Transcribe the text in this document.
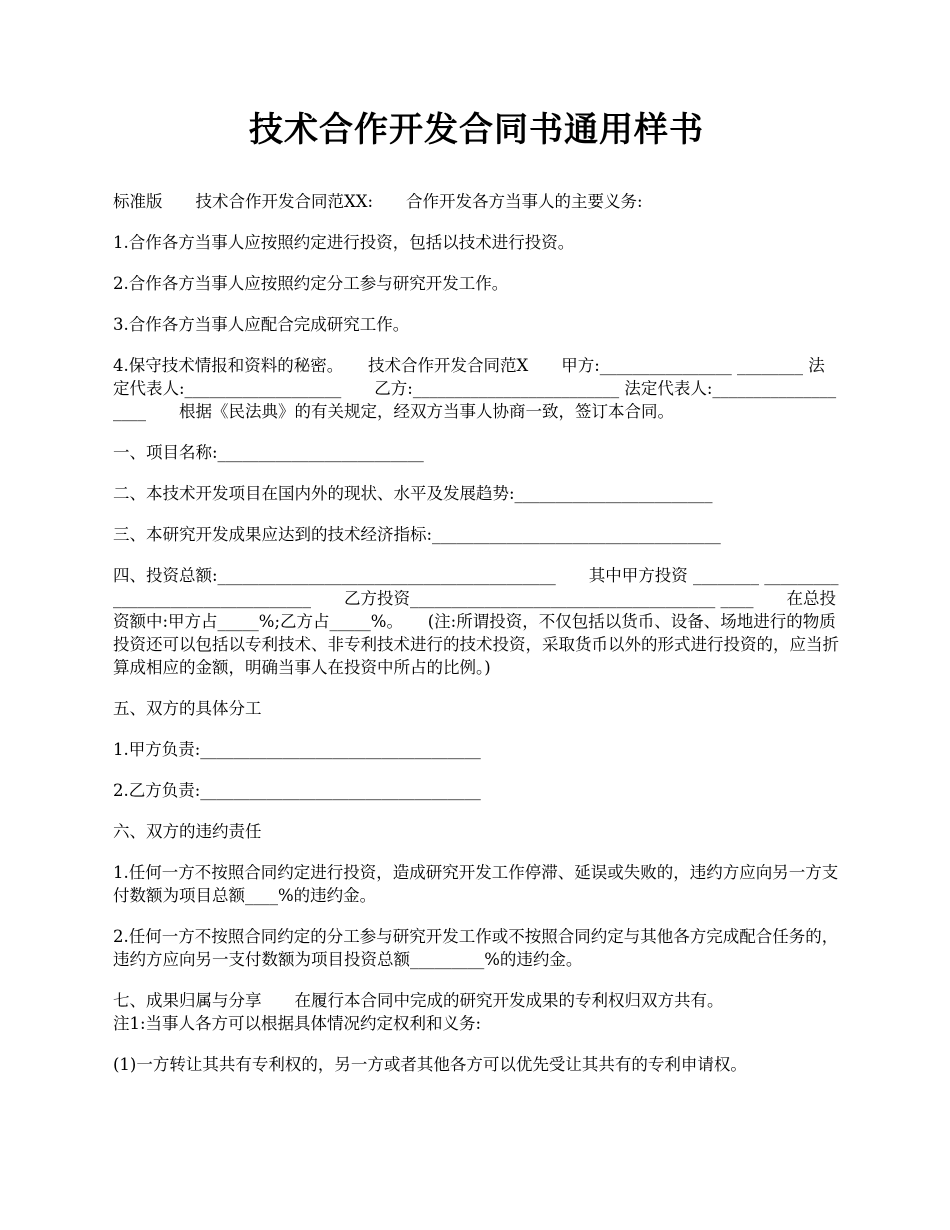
技术合作开发合同书通用样书

标准版　　技术合作开发合同范XX:　　合作开发各方当事人的主要义务:

1.合作各方当事人应按照约定进行投资，包括以技术进行投资。

2.合作各方当事人应按照约定分工参与研究开发工作。

3.合作各方当事人应配合完成研究工作。

4.保守技术情报和资料的秘密。　　技术合作开发合同范X　　甲方:________________ ________ 法定代表人:___________________　　乙方:_________________________ 法定代表人:___________________　　根据《民法典》的有关规定，经双方当事人协商一致，签订本合同。

一、项目名称:_________________________

二、本技术开发项目在国内外的现状、水平及发展趋势:________________________

三、本研究开发成果应达到的技术经济指标:___________________________________

四、投资总额:_________________________________________　　其中甲方投资 ________ _________________________________　　乙方投资_____________________________________ ____　　在总投资额中:甲方占_____%;乙方占_____%。　　(注:所谓投资，不仅包括以货币、设备、场地进行的物质投资还可以包括以专利技术、非专利技术进行的技术投资，采取货币以外的形式进行投资的，应当折算成相应的金额，明确当事人在投资中所占的比例。)

五、双方的具体分工

1.甲方负责:__________________________________

2.乙方负责:__________________________________

六、双方的违约责任

1.任何一方不按照合同约定进行投资，造成研究开发工作停滞、延误或失败的，违约方应向另一方支付数额为项目总额____%的违约金。

2.任何一方不按照合同约定的分工参与研究开发工作或不按照合同约定与其他各方完成配合任务的，违约方应向另一支付数额为项目投资总额_________%的违约金。

七、成果归属与分享　　在履行本合同中完成的研究开发成果的专利权归双方共有。

注1:当事人各方可以根据具体情况约定权利和义务:

(1)一方转让其共有专利权的，另一方或者其他各方可以优先受让其共有的专利申请权。
